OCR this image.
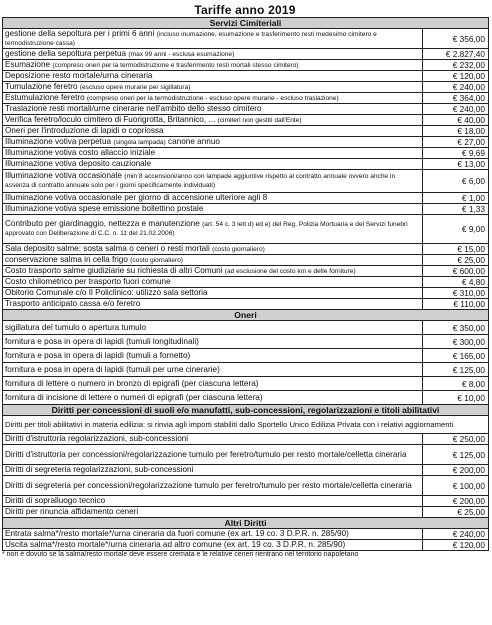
Tariffe anno 2019
Servizi Cimiteriali	
gestione della sepoltura per i primi 6 anni (incluso inumazione, esumazione e trasferimento resti medesimo cimitero e termodistruzione cassa)	€ 356,00
gestione della sepoltura perpetua (max 99 anni - esclusa esumazione)	€ 2.827,40
Esumazione (compreso oneri per la termodistruzione e trasferimento resti mortali stesso cimitero)	€ 232,00
Deposizione resto mortale/urna cineraria	€ 120,00
Tumulazione feretro (escluso opere murarie per sigillatura)	€ 240,00
Estumulazione feretro (compreso oneri per la termodistruzione - escluso opere murarie - escluso traslazione)	€ 364,00
Traslazione resti mortali/urne cinerarie nell'ambito dello stesso cimitero	€ 240,00
Verifica feretro/loculo cimitero di Fuorigrotta, Britannico, ... (cimiteri non gestiti dall'Ente)	€ 40,00
Oneri per l'introduzione di lapidi o copriossa	€ 18,00
Illuminazione votiva perpetua (singola lampada) canone annuo	€ 27,00
Illuminazione votiva costo allaccio iniziale	€ 9,69
Illuminazione votiva deposito cauzionale	€ 13,00
Illuminazione votiva occasionale (min 8 accensioni/anno con lampade aggiuntive rispetto al contratto annuale ovvero anche in assenza di contratto annuale solo per i giorni specificamente individuati)	€ 6,00
Illuminazione votiva occasionale per giorno di accensione ulteriore agli 8	€ 1,00
Illuminazione votiva spese emissione bollettino postale	€ 1,33
Contributo per giardinaggio, nettezza e manutenzione (art. 54 c. 3 lett d) ed e) del Reg. Polizia Mortuaria e dei Servizi funebri approvato con Deliberazione di C.C. n. 11 del 21.02.2006)	€ 9,00
Sala deposito salme: sosta salma o ceneri o resti mortali (costo giornaliero)	€ 15,00
conservazione salma in cella frigo (costo giornaliero)	€ 25,00
Costo trasporto salme giudiziarie su richiesta di altri Comuni (ad esclusione del costo km e delle forniture)	€ 600,00
Costo chilometrico per trasporto fuori comune	€ 4,80
Obitorio Comunale c/o Il Policlinico: utilizzo sala settoria	€ 310,00
Trasporto anticipato cassa e/o feretro	€ 110,00
Oneri	
sigillatura del tumulo o apertura tumulo	€ 350,00
fornitura e posa in opera di lapidi (tumuli longitudinali)	€ 300,00
fornitura e posa in opera di lapidi (tumuli a fornetto)	€ 165,00
fornitura e posa in opera di lapidi (tumuli per urne cinerarie)	€ 125,00
fornitura di lettere o numero in bronzo di epigrafi (per ciascuna lettera)	€ 8,00
fornitura di incisione di lettere o numeri di epigrafi (per ciascuna lettera)	€ 10,00
Diritti per concessioni di suoli e/o manufatti, sub-concessioni, regolarizzazioni e titoli abilitativi	
Diritti per titoli abilitativi in materia edilizia: si rinvia agli importi stabiliti dallo Sportello Unico Edilizia Privata con i relativi aggiornamenti	
Diritti d'istruttoria regolarizzazioni, sub-concessioni	€ 250,00
Diritti d'istruttoria per concessioni/regolarizzazione tumulo per feretro/tumulo per resto mortale/celletta cineraria	€ 125,00
Diritti di segreteria regolarizzazioni, sub-concessioni	€ 200,00
Diritti di segreteria per concessioni/regolarizzazione tumulo per feretro/tumulo per resto mortale/celletta cineraria	€ 100,00
Diritti di sopralluogo tecnico	€ 200,00
Diritti per rinuncia affidamento ceneri	€ 25,00
Altri Diritti	
Entrata salma*/resto mortale*/urna cineraria da fuori comune (ex art. 19 co. 3 D.P.R. n. 285/90)	€ 240,00
Uscita salma*/resto mortale*/urna cineraria ad altro comune (ex art. 19 co. 3 D.P.R. n. 285/90)	€ 120,00
* non è dovuto se la salma/resto mortale deve essere cremata e le relative ceneri rientrano nel territorio napoletano
